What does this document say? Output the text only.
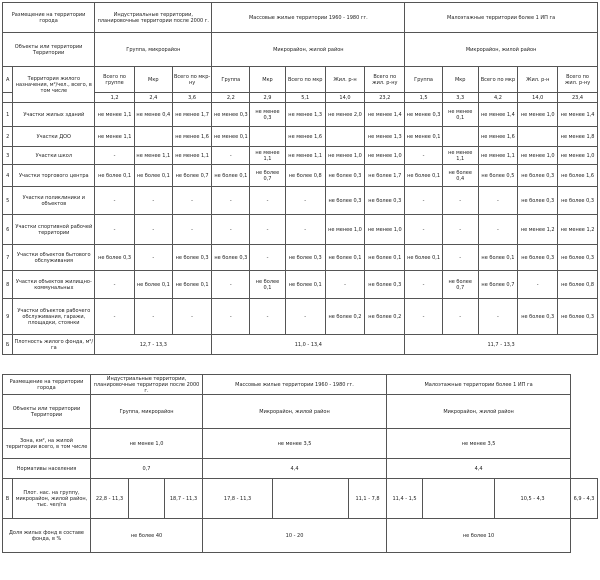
Размещение на территории города		Индустриальные территории, планировочные территории после 2000 г.			Массовые жилые территории 1960 - 1980 гг.					Малоэтажные территории более 1 ИП га				
Объекты или территории
Территории		Группа, микрорайон			Микрорайон, жилой район					Микрорайон, жилой район				
А	Территория жилого назначения, м²/чел., всего, в том числе	Всего по группе	Мкр	Всего по мкр-ну	Группа	Мкр	Всего по мкр	Жил. р-н	Всего по жил. р-ну	Группа	Мкр	Всего по мкр	Жил. р-н	Всего по жил. р-ну
		1,2	2,4	3,6	2,2	2,9	5,1	14,0	23,2	1,5	3,3	4,2	14,0	23,4
1	Участки жилых зданий	не менее 1,1	не менее 0,4	не менее 1,7	не менее 0,3	не менее 0,3	не менее 1,3	не менее 2,0	не менее 1,4	не менее 0,3	не менее 0,1	не менее 1,4	не менее 1,0	не менее 1,4
2	Участки ДОО	не менее 1,1		не менее 1,6	не менее 0,1		не менее 1,6		не менее 1,3	не менее 0,1		не менее 1,6		не менее 1,8
3	Участки школ	-	не менее 1,1	не менее 1,1	-	не менее 1,1	не менее 1,1	не менее 1,0	не менее 1,0	-	не менее 1,1	не менее 1,1	не менее 1,0	не менее 1,0
4	Участки торгового центра	не более 0,1	не более 0,1	не более 0,7	не более 0,1	не более 0,7	не более 0,8	не более 0,3	не более 1,7	не более 0,1	не более 0,4	не более 0,5	не более 0,3	не более 1,6
5	Участки поликлиники и объектов	-	-	-	-	-	-	не более 0,3	не более 0,3	-	-	-	не более 0,3	не более 0,3
6	Участки спортивной рабочей территории	-	-	-	-	-	-	не менее 1,0	не менее 1,0	-	-	-	не менее 1,2	не менее 1,2
7	Участки объектов бытового обслуживания	не более 0,3	-	не более 0,3	не более 0,3	-	не более 0,3	не более 0,1	не более 0,1	не более 0,1	-	не более 0,1	не более 0,3	не более 0,3
8	Участки объектов жилищно-коммунальных	-	не более 0,1	не более 0,1	-	не более 0,1	не более 0,1	-	не более 0,3	-	не более 0,7	не более 0,7	-	не более 0,8
9	Участки объектов рабочего обслуживания, гаражи, площадки, стоянки	-	-	-	-	-	-	не более 0,2	не более 0,2	-	-	-	не более 0,3	не более 0,3
Б	Плотность жилого фонда, м²/га	12,7 - 13,3			11,0 - 13,4					11,7 - 13,3				
Размещение на территории города		Индустриальные территории, планировочные территории после 2000 г.			Массовые жилые территории 1960 - 1980 гг.			Малоэтажные территории более 1 ИП га			
Объекты или территории
Территории		Группа, микрорайон			Микрорайон, жилой район			Микрорайон, жилой район			
Зона, км², на жилой территории всего, в том числе		не менее 1,0			не менее 3,5			не менее 3,5			
Нормативы населения		0,7			4,4			4,4			
В	Плот. нас. на группу, микрорайон, жилой район, тыс. чел/га	22,8 - 11,3		18,7 - 11,3	17,8 - 11,3		11,1 - 7,8	11,4 - 1,5		10,5 - 4,3	6,9 - 4,3
Доля жилых фонд в составе фонда, в %		не более 40			10 - 20			не более 10			
